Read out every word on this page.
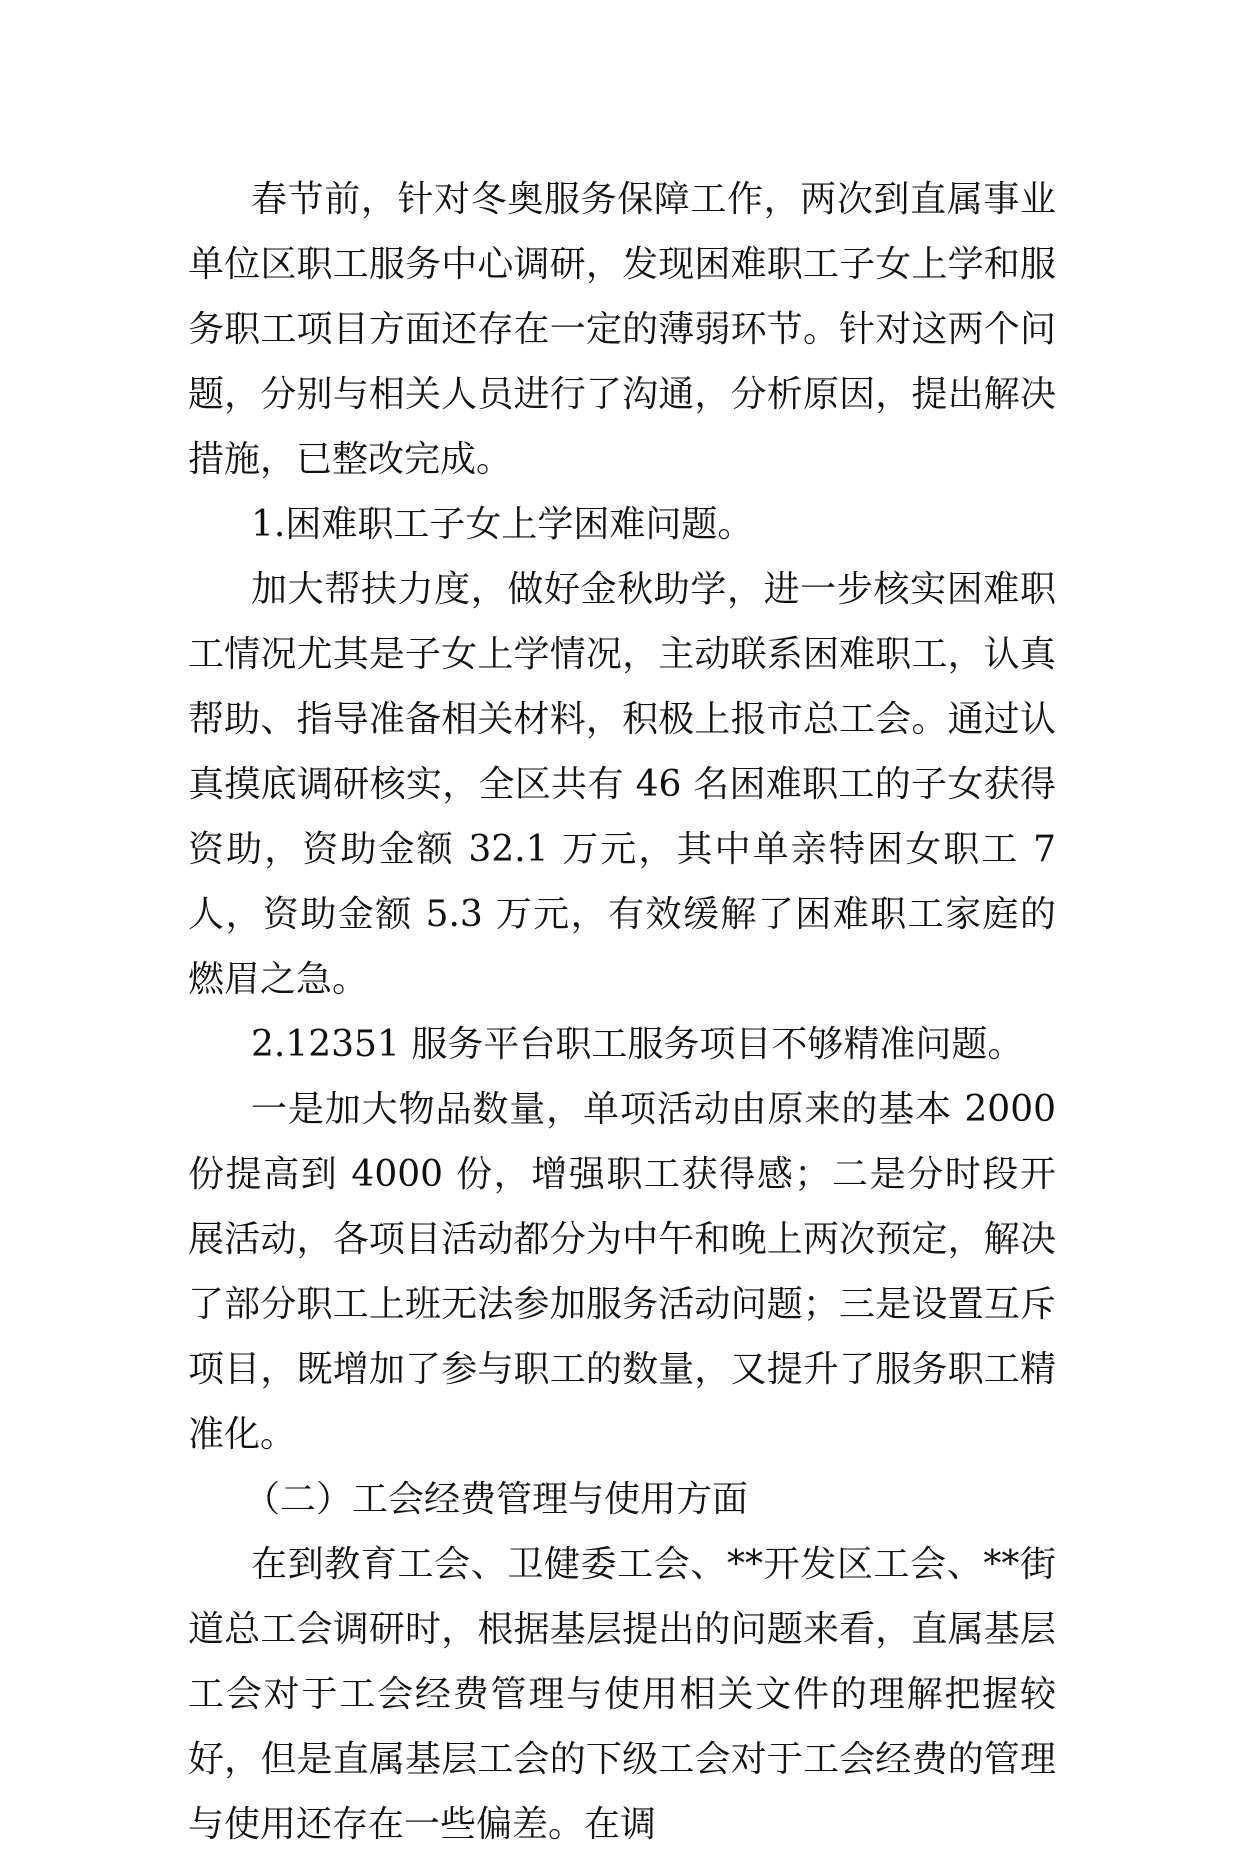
春节前，针对冬奥服务保障工作，两次到直属事业单位区职工服务中心调研，发现困难职工子女上学和服务职工项目方面还存在一定的薄弱环节。针对这两个问题，分别与相关人员进行了沟通，分析原因，提出解决措施，已整改完成。

1.困难职工子女上学困难问题。

加大帮扶力度，做好金秋助学，进一步核实困难职工情况尤其是子女上学情况，主动联系困难职工，认真帮助、指导准备相关材料，积极上报市总工会。通过认真摸底调研核实，全区共有 46 名困难职工的子女获得资助，资助金额 32.1 万元，其中单亲特困女职工 7 人，资助金额 5.3 万元，有效缓解了困难职工家庭的燃眉之急。

2.12351 服务平台职工服务项目不够精准问题。

一是加大物品数量，单项活动由原来的基本 2000 份提高到 4000 份，增强职工获得感；二是分时段开展活动，各项目活动都分为中午和晚上两次预定，解决了部分职工上班无法参加服务活动问题；三是设置互斥项目，既增加了参与职工的数量，又提升了服务职工精准化。

（二）工会经费管理与使用方面

在到教育工会、卫健委工会、**开发区工会、**街道总工会调研时，根据基层提出的问题来看，直属基层工会对于工会经费管理与使用相关文件的理解把握较好，但是直属基层工会的下级工会对于工会经费的管理与使用还存在一些偏差。在调
